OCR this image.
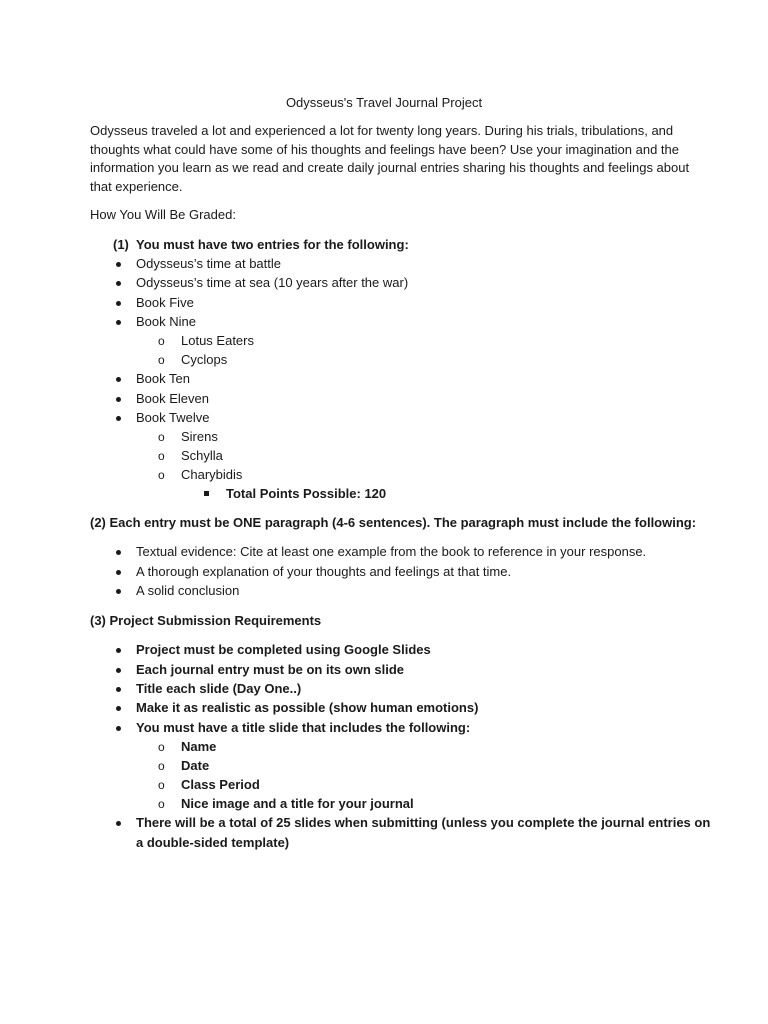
Odysseus's Travel Journal Project
Odysseus traveled a lot and experienced a lot for twenty long years. During his trials, tribulations, and thoughts what could have some of his thoughts and feelings have been? Use your imagination and the information you learn as we read and create daily journal entries sharing his thoughts and feelings about that experience.
How You Will Be Graded:
(1) You must have two entries for the following:
Odysseus’s time at battle
Odysseus’s time at sea (10 years after the war)
Book Five
Book Nine
o Lotus Eaters
o Cyclops
Book Ten
Book Eleven
Book Twelve
o Sirens
o Schylla
o Charybidis
Total Points Possible: 120
(2) Each entry must be ONE paragraph (4-6 sentences). The paragraph must include the following:
Textual evidence: Cite at least one example from the book to reference in your response.
A thorough explanation of your thoughts and feelings at that time.
A solid conclusion
(3) Project Submission Requirements
Project must be completed using Google Slides
Each journal entry must be on its own slide
Title each slide (Day One..)
Make it as realistic as possible (show human emotions)
You must have a title slide that includes the following:
o Name
o Date
o Class Period
o Nice image and a title for your journal
There will be a total of 25 slides when submitting (unless you complete the journal entries on
a double-sided template)
